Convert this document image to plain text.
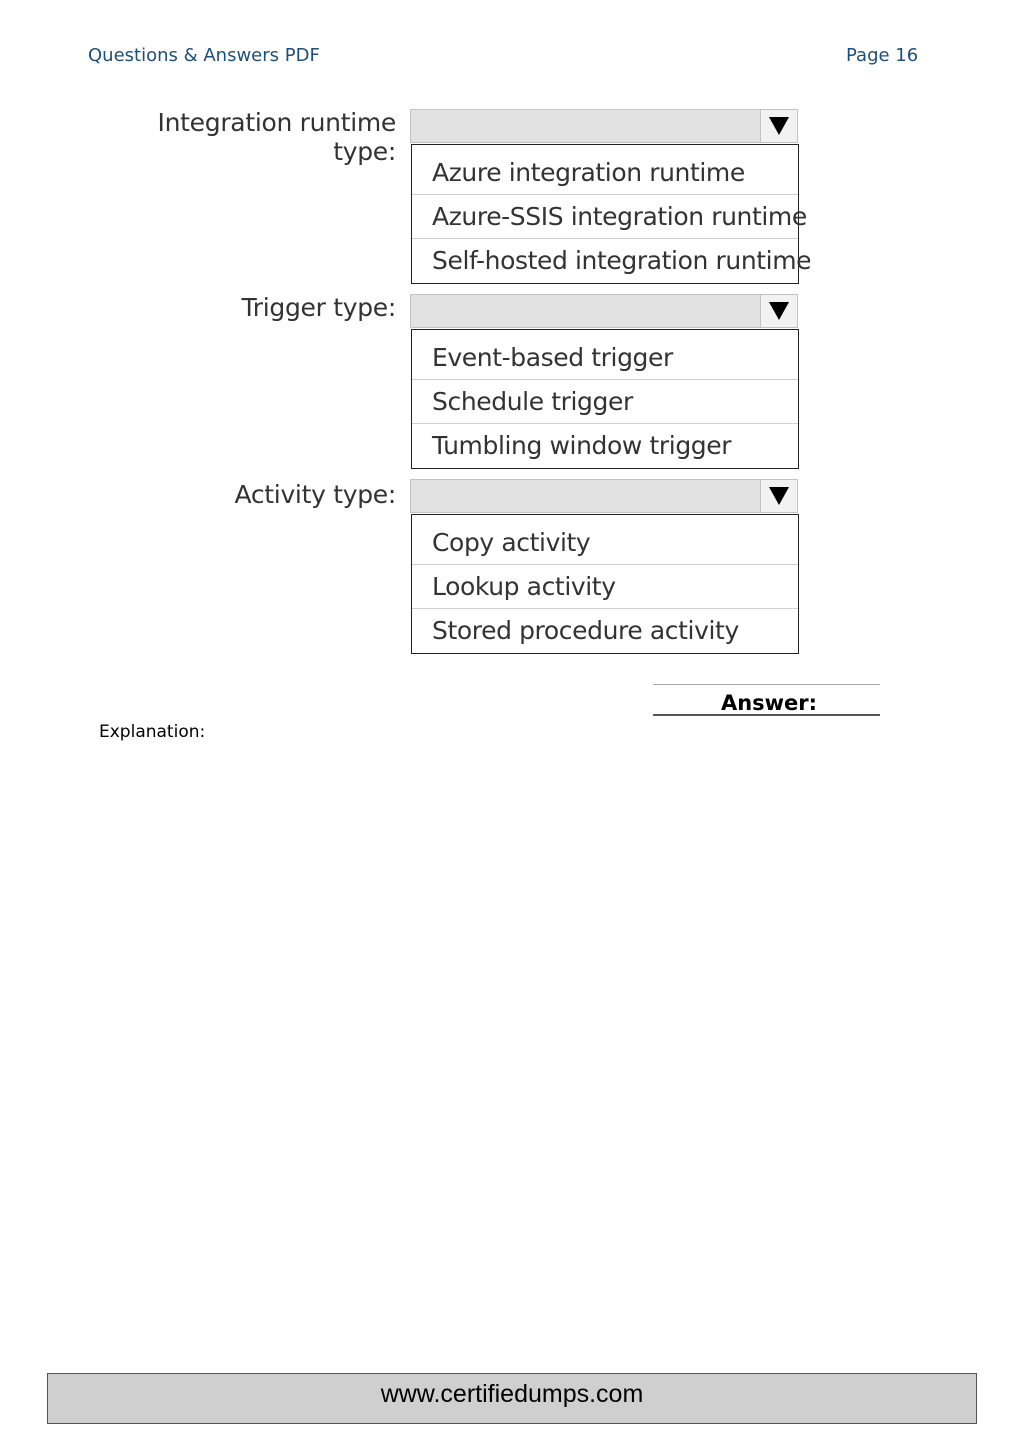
Questions & Answers PDF	Page 16
Integration runtime type:
Azure integration runtime
Azure-SSIS integration runtime
Self-hosted integration runtime
Trigger type:
Event-based trigger
Schedule trigger
Tumbling window trigger
Activity type:
Copy activity
Lookup activity
Stored procedure activity
Answer:
Explanation:
www.certifiedumps.com
